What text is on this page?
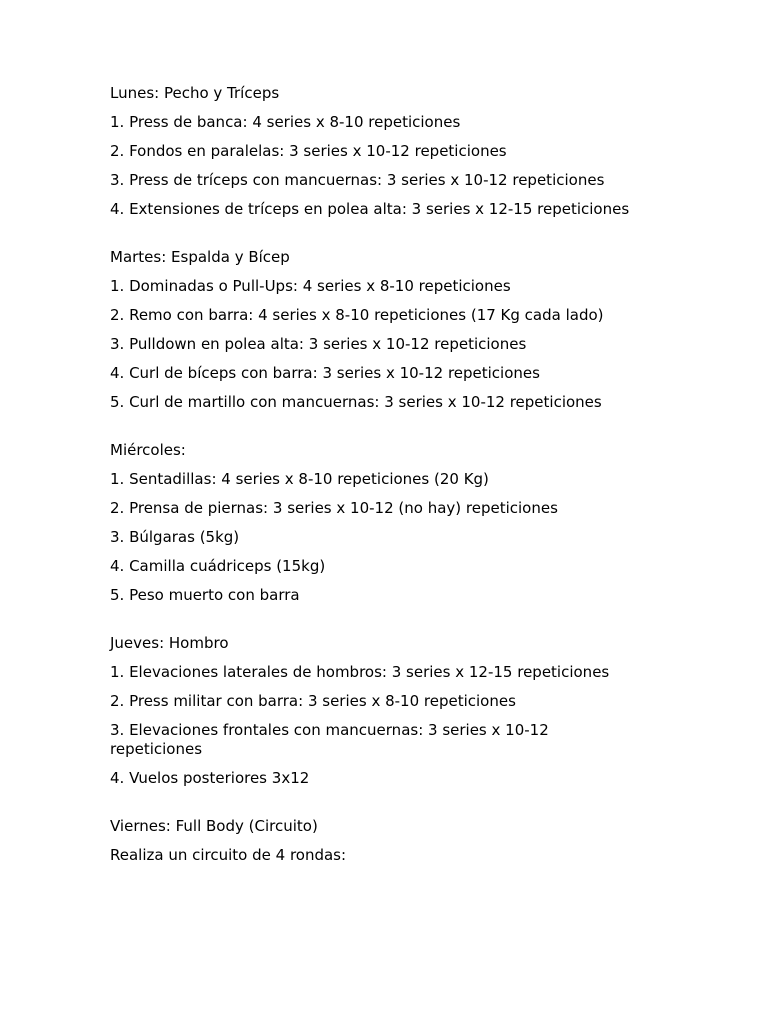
Lunes: Pecho y Tríceps
1. Press de banca: 4 series x 8-10 repeticiones
2. Fondos en paralelas: 3 series x 10-12 repeticiones
3. Press de tríceps con mancuernas: 3 series x 10-12 repeticiones
4. Extensiones de tríceps en polea alta: 3 series x 12-15 repeticiones
Martes: Espalda y Bícep
1. Dominadas o Pull-Ups: 4 series x 8-10 repeticiones
2. Remo con barra: 4 series x 8-10 repeticiones (17 Kg cada lado)
3. Pulldown en polea alta: 3 series x 10-12 repeticiones
4. Curl de bíceps con barra: 3 series x 10-12 repeticiones
5. Curl de martillo con mancuernas: 3 series x 10-12 repeticiones
Miércoles:
1. Sentadillas: 4 series x 8-10 repeticiones (20 Kg)
2. Prensa de piernas: 3 series x 10-12 (no hay) repeticiones
3. Búlgaras (5kg)
4. Camilla cuádriceps (15kg)
5. Peso muerto con barra
Jueves: Hombro
1. Elevaciones laterales de hombros: 3 series x 12-15 repeticiones
2. Press militar con barra: 3 series x 8-10 repeticiones
3. Elevaciones frontales con mancuernas: 3 series x 10-12 repeticiones
4. Vuelos posteriores 3x12
Viernes: Full Body (Circuito)
Realiza un circuito de 4 rondas:
